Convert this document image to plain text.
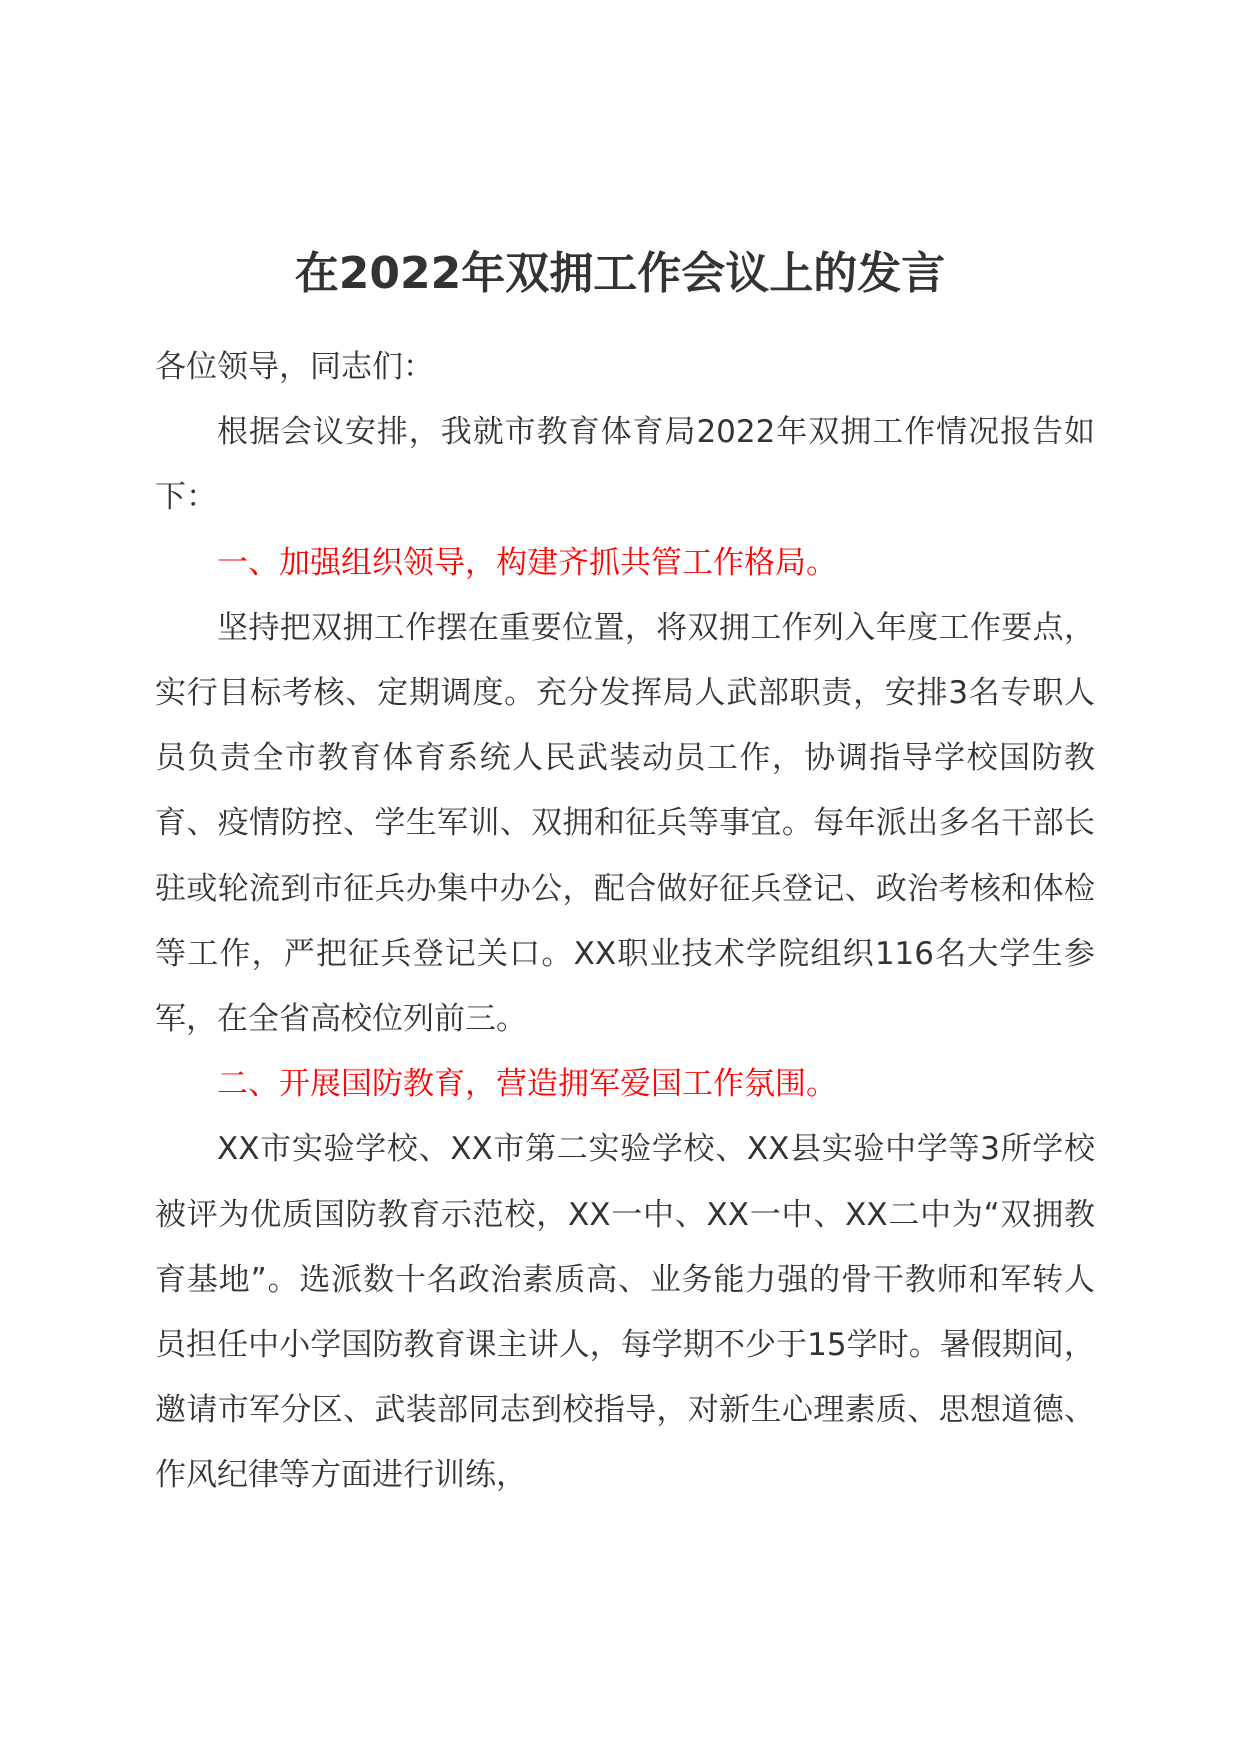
在2022年双拥工作会议上的发言

各位领导，同志们：

根据会议安排，我就市教育体育局2022年双拥工作情况报告如下：

一、加强组织领导，构建齐抓共管工作格局。

坚持把双拥工作摆在重要位置，将双拥工作列入年度工作要点，实行目标考核、定期调度。充分发挥局人武部职责，安排3名专职人员负责全市教育体育系统人民武装动员工作，协调指导学校国防教育、疫情防控、学生军训、双拥和征兵等事宜。每年派出多名干部长驻或轮流到市征兵办集中办公，配合做好征兵登记、政治考核和体检等工作，严把征兵登记关口。XX职业技术学院组织116名大学生参军，在全省高校位列前三。

二、开展国防教育，营造拥军爱国工作氛围。

XX市实验学校、XX市第二实验学校、XX县实验中学等3所学校被评为优质国防教育示范校，XX一中、XX一中、XX二中为“双拥教育基地”。选派数十名政治素质高、业务能力强的骨干教师和军转人员担任中小学国防教育课主讲人，每学期不少于15学时。暑假期间，邀请市军分区、武装部同志到校指导，对新生心理素质、思想道德、作风纪律等方面进行训练，
